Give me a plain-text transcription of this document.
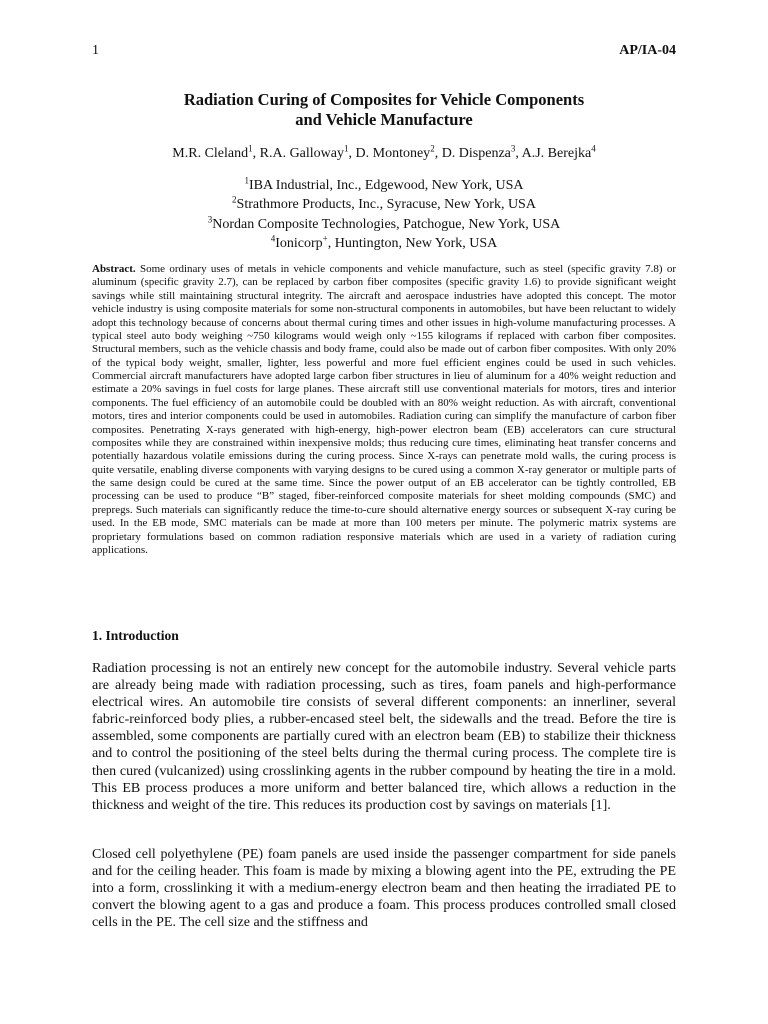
1	AP/IA-04
Radiation Curing of Composites for Vehicle Components
and Vehicle Manufacture
M.R. Cleland$^1$, R.A. Galloway$^1$, D. Montoney$^2$, D. Dispenza$^3$, A.J. Berejka$^4$
$^1$IBA Industrial, Inc., Edgewood, New York, USA
$^2$Strathmore Products, Inc., Syracuse, New York, USA
$^3$Nordan Composite Technologies, Patchogue, New York, USA
$^4$Ionicorp+, Huntington, New York, USA
Abstract. Some ordinary uses of metals in vehicle components and vehicle manufacture, such as steel (specific gravity 7.8) or aluminum (specific gravity 2.7), can be replaced by carbon fiber composites (specific gravity 1.6) to provide significant weight savings while still maintaining structural integrity. The aircraft and aerospace industries have adopted this concept. The motor vehicle industry is using composite materials for some non-structural components in automobiles, but have been reluctant to widely adopt this technology because of concerns about thermal curing times and other issues in high-volume manufacturing processes. A typical steel auto body weighing ~750 kilograms would weigh only ~155 kilograms if replaced with carbon fiber composites. Structural members, such as the vehicle chassis and body frame, could also be made out of carbon fiber composites. With only 20% of the typical body weight, smaller, lighter, less powerful and more fuel efficient engines could be used in such vehicles. Commercial aircraft manufacturers have adopted large carbon fiber structures in lieu of aluminum for a 40% weight reduction and estimate a 20% savings in fuel costs for large planes. These aircraft still use conventional materials for motors, tires and interior components. The fuel efficiency of an automobile could be doubled with an 80% weight reduction. As with aircraft, conventional motors, tires and interior components could be used in automobiles. Radiation curing can simplify the manufacture of carbon fiber composites. Penetrating X-rays generated with high-energy, high-power electron beam (EB) accelerators can cure structural composites while they are constrained within inexpensive molds; thus reducing cure times, eliminating heat transfer concerns and potentially hazardous volatile emissions during the curing process. Since X-rays can penetrate mold walls, the curing process is quite versatile, enabling diverse components with varying designs to be cured using a common X-ray generator or multiple parts of the same design could be cured at the same time. Since the power output of an EB accelerator can be tightly controlled, EB processing can be used to produce “B” staged, fiber-reinforced composite materials for sheet molding compounds (SMC) and prepregs. Such materials can significantly reduce the time-to-cure should alternative energy sources or subsequent X-ray curing be used. In the EB mode, SMC materials can be made at more than 100 meters per minute. The polymeric matrix systems are proprietary formulations based on common radiation responsive materials which are used in a variety of radiation curing applications.
1. Introduction
Radiation processing is not an entirely new concept for the automobile industry. Several vehicle parts are already being made with radiation processing, such as tires, foam panels and high-performance electrical wires. An automobile tire consists of several different components: an innerliner, several fabric-reinforced body plies, a rubber-encased steel belt, the sidewalls and the tread. Before the tire is assembled, some components are partially cured with an electron beam (EB) to stabilize their thickness and to control the positioning of the steel belts during the thermal curing process. The complete tire is then cured (vulcanized) using crosslinking agents in the rubber compound by heating the tire in a mold. This EB process produces a more uniform and better balanced tire, which allows a reduction in the thickness and weight of the tire. This reduces its production cost by savings on materials [1].
Closed cell polyethylene (PE) foam panels are used inside the passenger compartment for side panels and for the ceiling header. This foam is made by mixing a blowing agent into the PE, extruding the PE into a form, crosslinking it with a medium-energy electron beam and then heating the irradiated PE to convert the blowing agent to a gas and produce a foam. This process produces controlled small closed cells in the PE. The cell size and the stiffness and
